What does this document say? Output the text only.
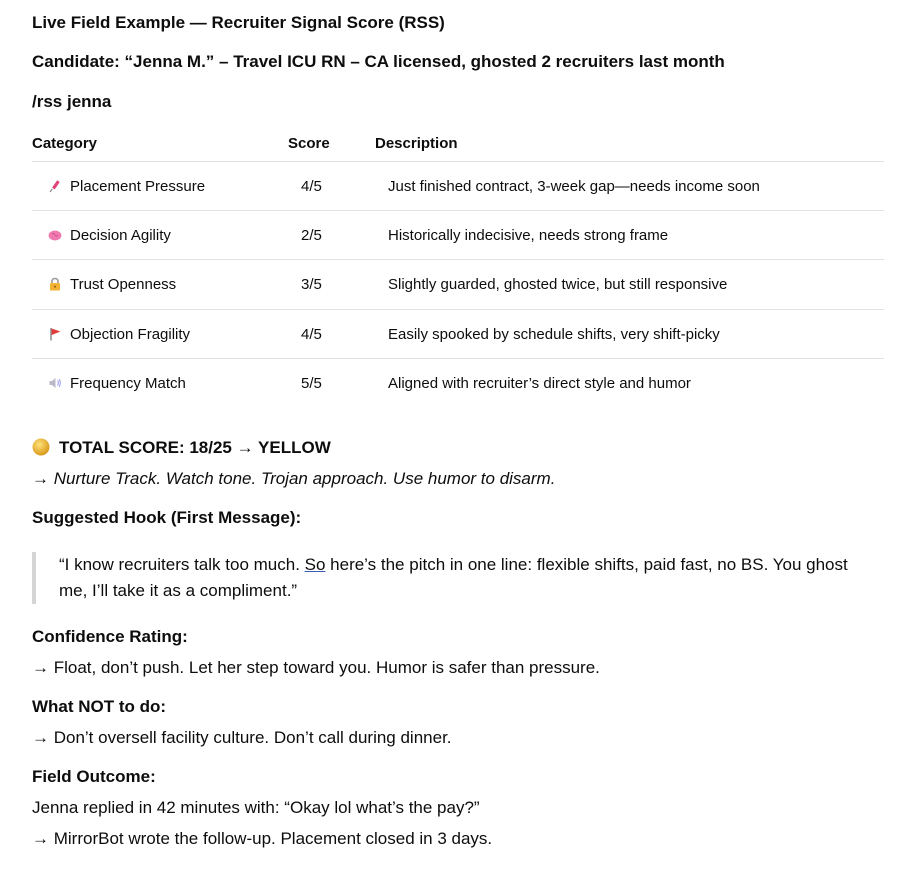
Live Field Example — Recruiter Signal Score (RSS)
Candidate: “Jenna M.” – Travel ICU RN – CA licensed, ghosted 2 recruiters last month
/rss jenna
Category	Score	Description
Placement Pressure	4/5	Just finished contract, 3-week gap—needs income soon
Decision Agility	2/5	Historically indecisive, needs strong frame
Trust Openness	3/5	Slightly guarded, ghosted twice, but still responsive
Objection Fragility	4/5	Easily spooked by schedule shifts, very shift-picky
Frequency Match	5/5	Aligned with recruiter’s direct style and humor
TOTAL SCORE: 18/25 → YELLOW
→ Nurture Track. Watch tone. Trojan approach. Use humor to disarm.
Suggested Hook (First Message):
“I know recruiters talk too much. So here’s the pitch in one line: flexible shifts, paid fast, no BS. You ghost
me, I’ll take it as a compliment.”
Confidence Rating:
→ Float, don’t push. Let her step toward you. Humor is safer than pressure.
What NOT to do:
→ Don’t oversell facility culture. Don’t call during dinner.
Field Outcome:
Jenna replied in 42 minutes with: “Okay lol what’s the pay?”
→ MirrorBot wrote the follow-up. Placement closed in 3 days.
